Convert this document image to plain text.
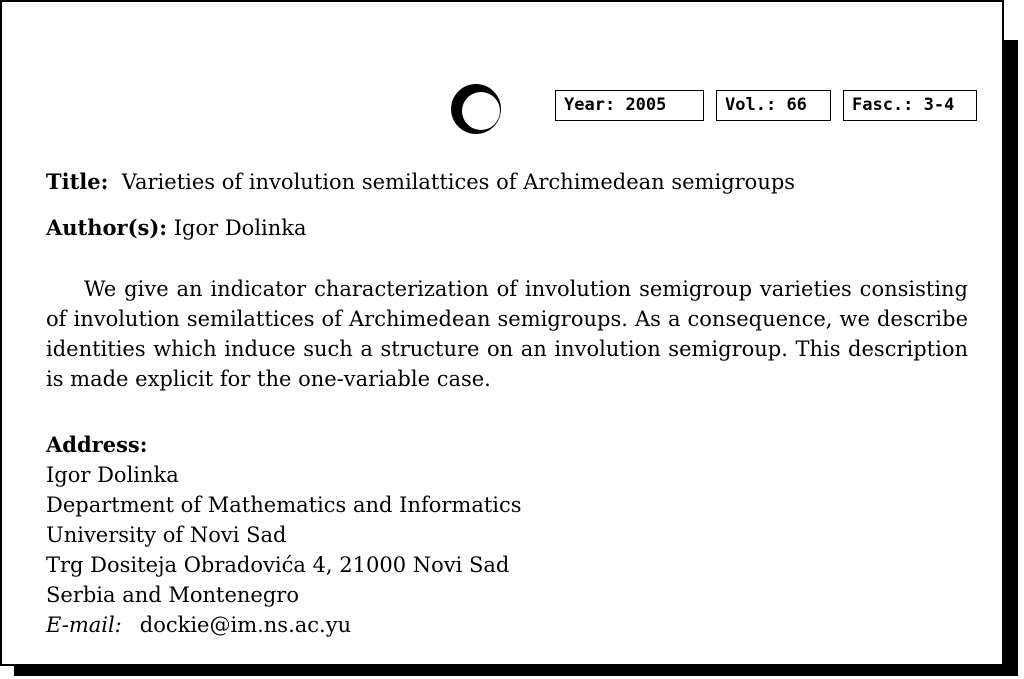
Year: 2005	Vol.: 66	Fasc.: 3-4
Title: Varieties of involution semilattices of Archimedean semigroups
Author(s): Igor Dolinka

We give an indicator characterization of involution semigroup varieties consisting of involution semilattices of Archimedean semigroups. As a consequence, we describe identities which induce such a structure on an involution semigroup. This description is made explicit for the one-variable case.

Address:
Igor Dolinka
Department of Mathematics and Informatics
University of Novi Sad
Trg Dositeja Obradovića 4, 21000 Novi Sad
Serbia and Montenegro
E-mail: dockie@im.ns.ac.yu
